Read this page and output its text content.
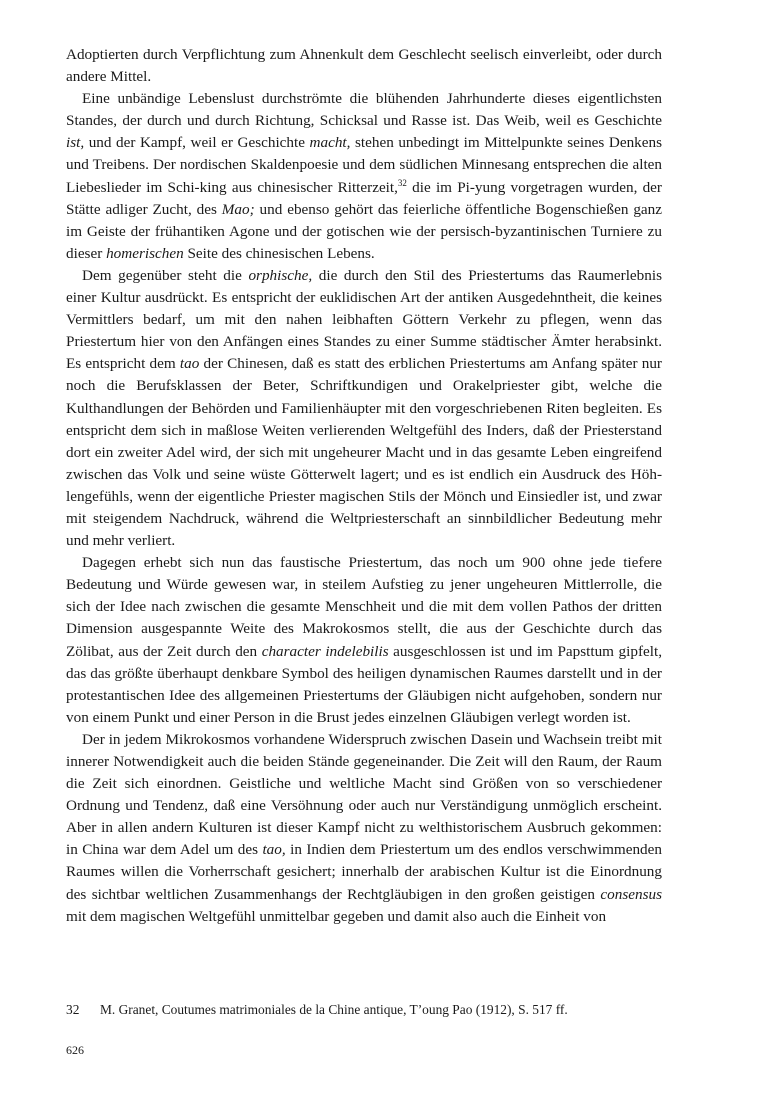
Adoptierten durch Verpflichtung zum Ahnenkult dem Geschlecht seelisch einverleibt, oder durch andere Mittel.

Eine unbändige Lebenslust durchströmte die blühenden Jahrhunderte dieses eigentlichsten Standes, der durch und durch Richtung, Schicksal und Rasse ist. Das Weib, weil es Geschichte ist, und der Kampf, weil er Geschichte macht, stehen unbedingt im Mittelpunkte seines Denkens und Treibens. Der nordischen Skaldenpoesie und dem südlichen Minnesang entsprechen die alten Liebeslieder im Schi-king aus chinesischer Ritterzeit,$^{32}$ die im Pi-yung vorgetragen wurden, der Stätte adliger Zucht, des Mao; und ebenso gehört das feierliche öffentliche Bogenschießen ganz im Geiste der frühantiken Agone und der gotischen wie der persisch-byzantinischen Turniere zu dieser homerischen Seite des chinesischen Lebens.

Dem gegenüber steht die orphische, die durch den Stil des Priestertums das Raumerlebnis einer Kultur ausdrückt. Es entspricht der euklidischen Art der antiken Ausgedehntheit, die keines Vermittlers bedarf, um mit den nahen leibhaften Göttern Verkehr zu pflegen, wenn das Priestertum hier von den Anfängen eines Standes zu einer Summe städtischer Ämter herabsinkt. Es entspricht dem tao der Chinesen, daß es statt des erblichen Priestertums am Anfang später nur noch die Berufsklassen der Beter, Schriftkundigen und Orakelpriester gibt, welche die Kulthandlungen der Behörden und Familienhäupter mit den vorgeschriebenen Riten begleiten. Es entspricht dem sich in maßlose Weiten verlierenden Weltgefühl des Inders, daß der Priesterstand dort ein zweiter Adel wird, der sich mit ungeheurer Macht und in das gesamte Leben eingreifend zwischen das Volk und seine wüste Götterwelt lagert; und es ist endlich ein Ausdruck des Höhlengefühls, wenn der eigentliche Priester magischen Stils der Mönch und Einsiedler ist, und zwar mit steigendem Nachdruck, während die Weltpriesterschaft an sinnbildlicher Bedeutung mehr und mehr verliert.

Dagegen erhebt sich nun das faustische Priestertum, das noch um 900 ohne jede tiefere Bedeutung und Würde gewesen war, in steilem Aufstieg zu jener ungeheuren Mittlerrolle, die sich der Idee nach zwischen die gesamte Menschheit und die mit dem vollen Pathos der dritten Dimension ausgespannte Weite des Makrokosmos stellt, die aus der Geschichte durch das Zölibat, aus der Zeit durch den character indelebilis ausgeschlossen ist und im Papsttum gipfelt, das das größte überhaupt denkbare Symbol des heiligen dynamischen Raumes darstellt und in der protestantischen Idee des allgemeinen Priestertums der Gläubigen nicht aufgehoben, sondern nur von einem Punkt und einer Person in die Brust jedes einzelnen Gläubigen verlegt worden ist.

Der in jedem Mikrokosmos vorhandene Widerspruch zwischen Dasein und Wachsein treibt mit innerer Notwendigkeit auch die beiden Stände gegeneinander. Die Zeit will den Raum, der Raum die Zeit sich einordnen. Geistliche und weltliche Macht sind Größen von so verschiedener Ordnung und Tendenz, daß eine Versöhnung oder auch nur Verständigung unmöglich erscheint. Aber in allen andern Kulturen ist dieser Kampf nicht zu welthistorischem Ausbruch gekommen: in China war dem Adel um des tao, in Indien dem Priestertum um des endlos verschwimmenden Raumes willen die Vorherrschaft gesichert; innerhalb der arabischen Kultur ist die Einordnung des sichtbar weltlichen Zusammenhangs der Rechtgläubigen in den großen geistigen consensus mit dem magischen Weltgefühl unmittelbar gegeben und damit also auch die Einheit von

32 M. Granet, Coutumes matrimoniales de la Chine antique, T’oung Pao (1912), S. 517 ff.
626
